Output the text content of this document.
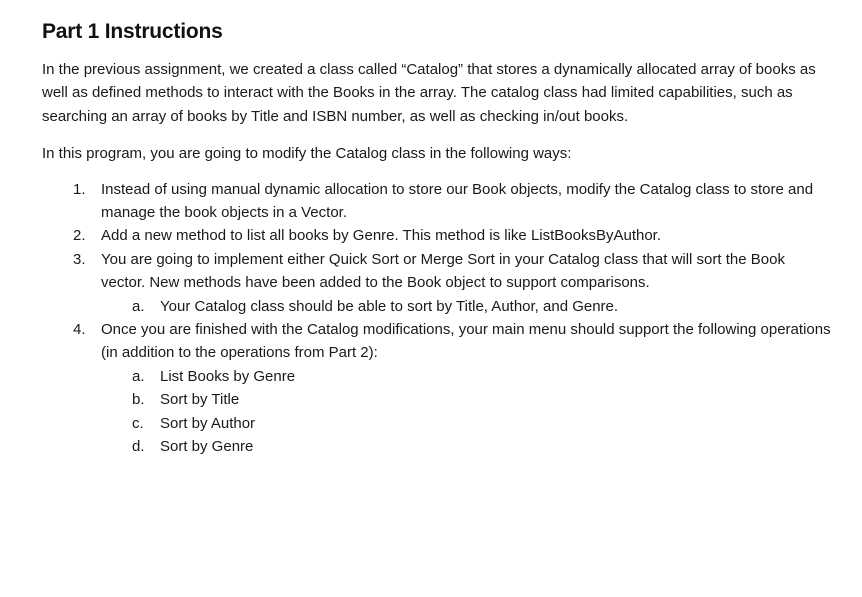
Part 1 Instructions

In the previous assignment, we created a class called “Catalog” that stores a dynamically allocated array of books as well as defined methods to interact with the Books in the array. The catalog class had limited capabilities, such as searching an array of books by Title and ISBN number, as well as checking in/out books.

In this program, you are going to modify the Catalog class in the following ways:

1. Instead of using manual dynamic allocation to store our Book objects, modify the Catalog class to store and manage the book objects in a Vector.
2. Add a new method to list all books by Genre. This method is like ListBooksByAuthor.
3. You are going to implement either Quick Sort or Merge Sort in your Catalog class that will sort the Book vector. New methods have been added to the Book object to support comparisons.
a. Your Catalog class should be able to sort by Title, Author, and Genre.
4. Once you are finished with the Catalog modifications, your main menu should support the following operations (in addition to the operations from Part 2):
a. List Books by Genre
b. Sort by Title
c. Sort by Author
d. Sort by Genre
